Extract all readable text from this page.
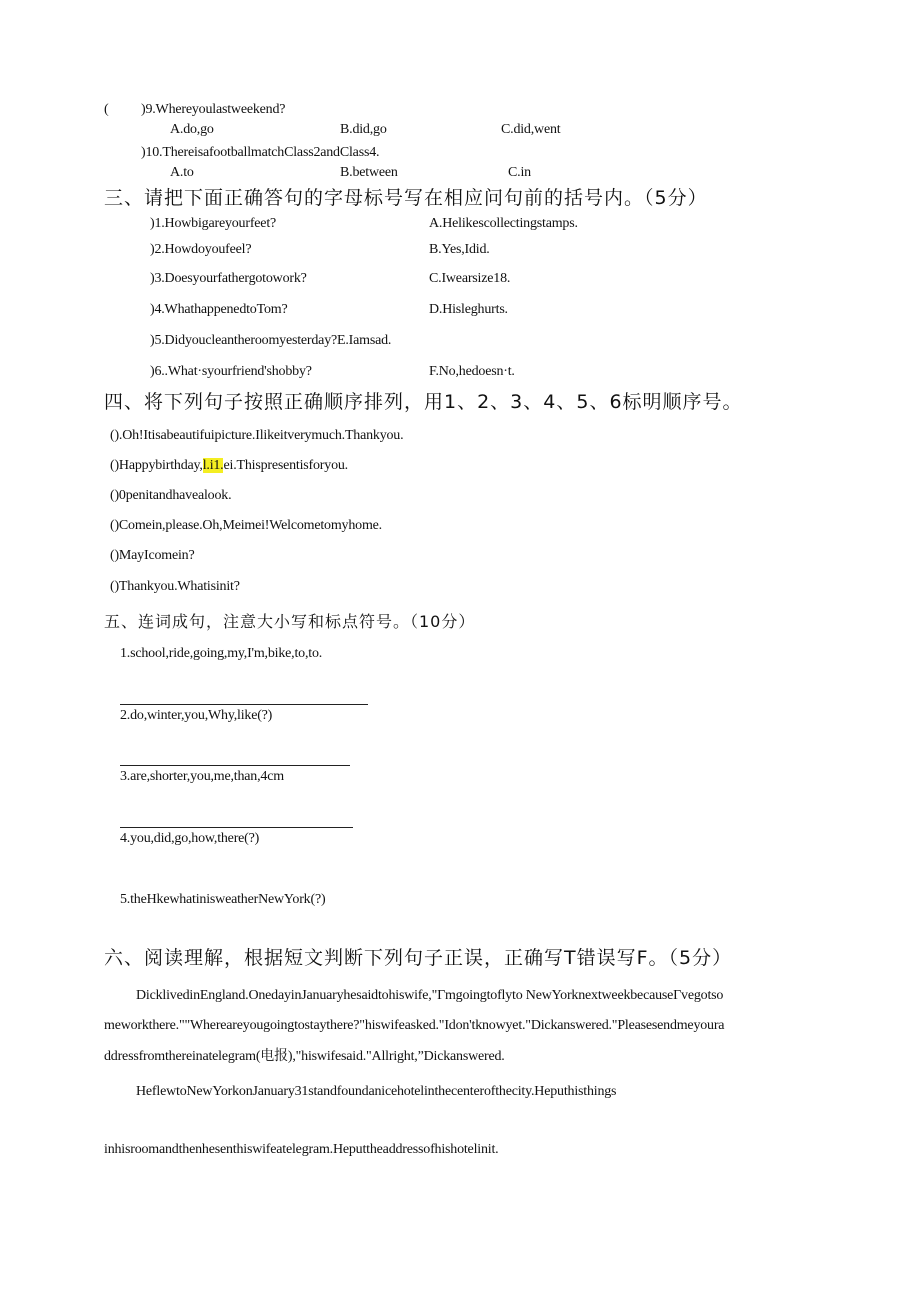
( )9.Whereyoulastweekend?
A.do,go	B.did,go	C.did,went
)10.ThereisafootballmatchClass2andClass4.
A.to	B.between	C.in
三、请把下面正确答句的字母标号写在相应问句前的括号内。（5分）
)1.Howbigareyourfeet?	A.Helikescollectingstamps.
)2.Howdoyoufeel?	B.Yes,Idid.
)3.Doesyourfathergotowork?	C.Iwearsize18.
)4.WhathappenedtoTom?	D.Hisleghurts.
)5.Didyoucleantheroomyesterday?E.Iamsad.
)6..What·syourfriend'shobby?	F.No,hedoesn·t.
四、将下列句子按照正确顺序排列，用1、2、3、4、5、6标明顺序号。
().Oh!Itisabeautifuipicture.Ilikeitverymuch.Thankyou.
()Happybirthday,l.i1.ei.Thispresentisforyou.
()0penitandhavealook.
()Comein,please.Oh,Meimei!Welcometomyhome.
()MayIcomein?
()Thankyou.Whatisinit?
五、连词成句，注意大小写和标点符号。（10分）
1.school,ride,going,my,I'm,bike,to,to.
2.do,winter,you,Why,like(?)
3.are,shorter,you,me,than,4cm
4.you,did,go,how,there(?)
5.theHkewhatinisweatherNewYork(?)
六、阅读理解，根据短文判断下列句子正误，正确写T错误写F。（5分）
DicklivedinEngland.OnedayinJanuaryhesaidtohiswife,"Γmgoingtoflyto NewYorknextweekbecauseΓvegotso
meworkthere.""Whereareyougoingtostaythere?"hiswifeasked."Idon'tknowyet."Dickanswered."Pleasesendmeyoura
ddressfromthereinatelegram(电报),"hiswifesaid."Allright,”Dickanswered.
HeflewtoNewYorkonJanuary31standfoundanicehotelinthecenterofthecity.Heputhisthings
inhisroomandthenhesenthiswifeatelegram.Heputtheaddressofhishotelinit.
